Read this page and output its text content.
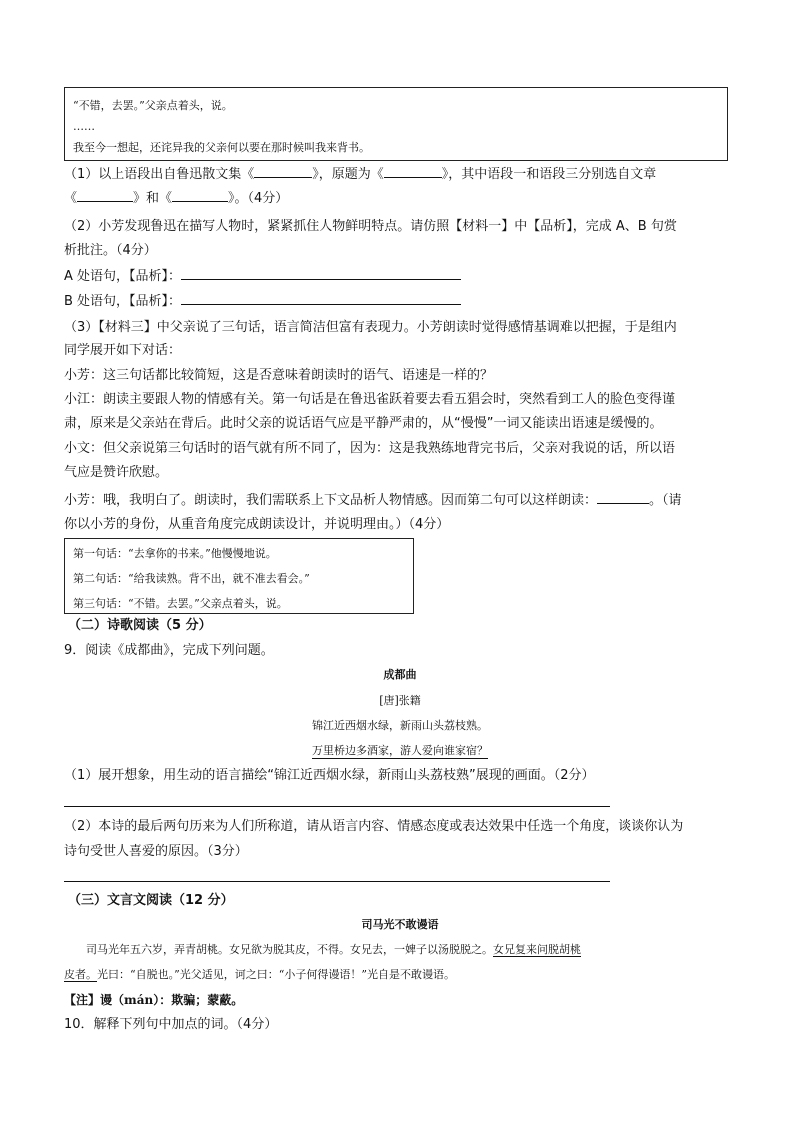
“不错，去罢。”父亲点着头，说。
……
我至今一想起，还诧异我的父亲何以要在那时候叫我来背书。
（1）以上语段出自鲁迅散文集《	》，原题为《	》，其中语段一和语段三分别选自文章
《	》和《	》。（4分）
（2）小芳发现鲁迅在描写人物时，紧紧抓住人物鲜明特点。请仿照【材料一】中【品析】，完成 A、B 句赏
析批注。（4分）
A 处语句，【品析】：
B 处语句，【品析】：
（3）【材料三】中父亲说了三句话，语言简洁但富有表现力。小芳朗读时觉得感情基调难以把握，于是组内
同学展开如下对话：
小芳：这三句话都比较简短，这是否意味着朗读时的语气、语速是一样的？
小江：朗读主要跟人物的情感有关。第一句话是在鲁迅雀跃着要去看五猖会时，突然看到工人的脸色变得谨
肃，原来是父亲站在背后。此时父亲的说话语气应是平静严肃的，从“慢慢”一词又能读出语速是缓慢的。
小文：但父亲说第三句话时的语气就有所不同了，因为：这是我熟练地背完书后，父亲对我说的话，所以语
气应是赞许欣慰。
小芳：哦，我明白了。朗读时，我们需联系上下文品析人物情感。因而第二句可以这样朗读：	。（请
你以小芳的身份，从重音角度完成朗读设计，并说明理由。）（4分）
第一句话：“去拿你的书来。”他慢慢地说。
第二句话：“给我读熟。背不出，就不准去看会。”
第三句话：“不错。去罢。”父亲点着头，说。
（二）诗歌阅读（5 分）
9．阅读《成都曲》，完成下列问题。
成都曲
[唐]张籍
锦江近西烟水绿，新雨山头荔枝熟。
万里桥边多酒家，游人爱向谁家宿？
（1）展开想象，用生动的语言描绘“锦江近西烟水绿，新雨山头荔枝熟”展现的画面。（2分）
（2）本诗的最后两句历来为人们所称道，请从语言内容、情感态度或表达效果中任选一个角度，谈谈你认为
诗句受世人喜爱的原因。（3分）
（三）文言文阅读（12 分）
司马光不敢谩语
司马光年五六岁，弄青胡桃。女兄欲为脱其皮，不得。女兄去，一婢子以汤脱脱之。女兄复来问脱胡桃
皮者。光曰：“自脱也。”光父适见，诃之曰：“小子何得谩语！”光自是不敢谩语。
【注】谩（mán）：欺骗；蒙蔽。
10．解释下列句中加点的词。（4分）
